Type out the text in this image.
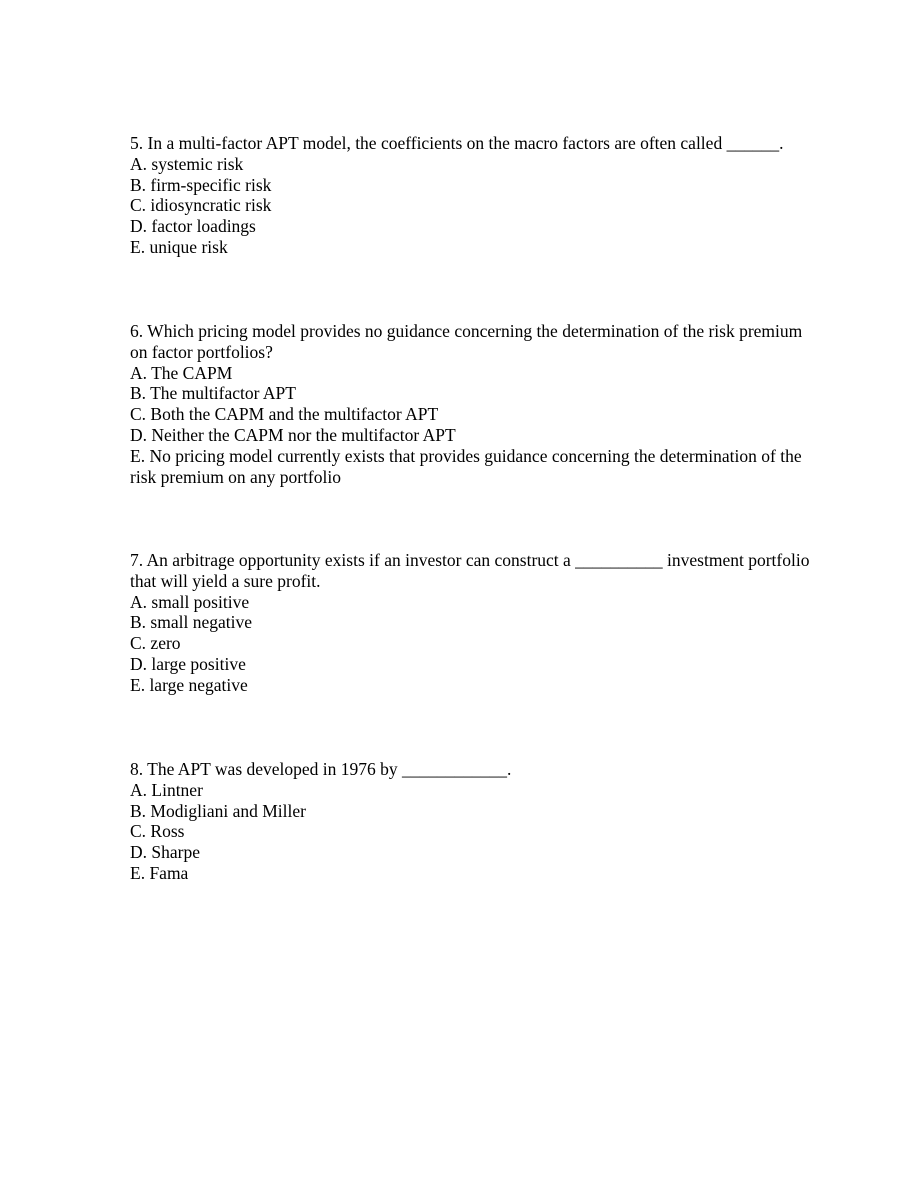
5. In a multi-factor APT model, the coefficients on the macro factors are often called ______.

A. systemic risk

B. firm-specific risk

C. idiosyncratic risk

D. factor loadings

E. unique risk

6. Which pricing model provides no guidance concerning the determination of the risk premium on factor portfolios?

A. The CAPM

B. The multifactor APT

C. Both the CAPM and the multifactor APT

D. Neither the CAPM nor the multifactor APT

E. No pricing model currently exists that provides guidance concerning the determination of the risk premium on any portfolio

7. An arbitrage opportunity exists if an investor can construct a __________ investment portfolio that will yield a sure profit.

A. small positive

B. small negative

C. zero

D. large positive

E. large negative

8. The APT was developed in 1976 by ____________.

A. Lintner

B. Modigliani and Miller

C. Ross

D. Sharpe

E. Fama
